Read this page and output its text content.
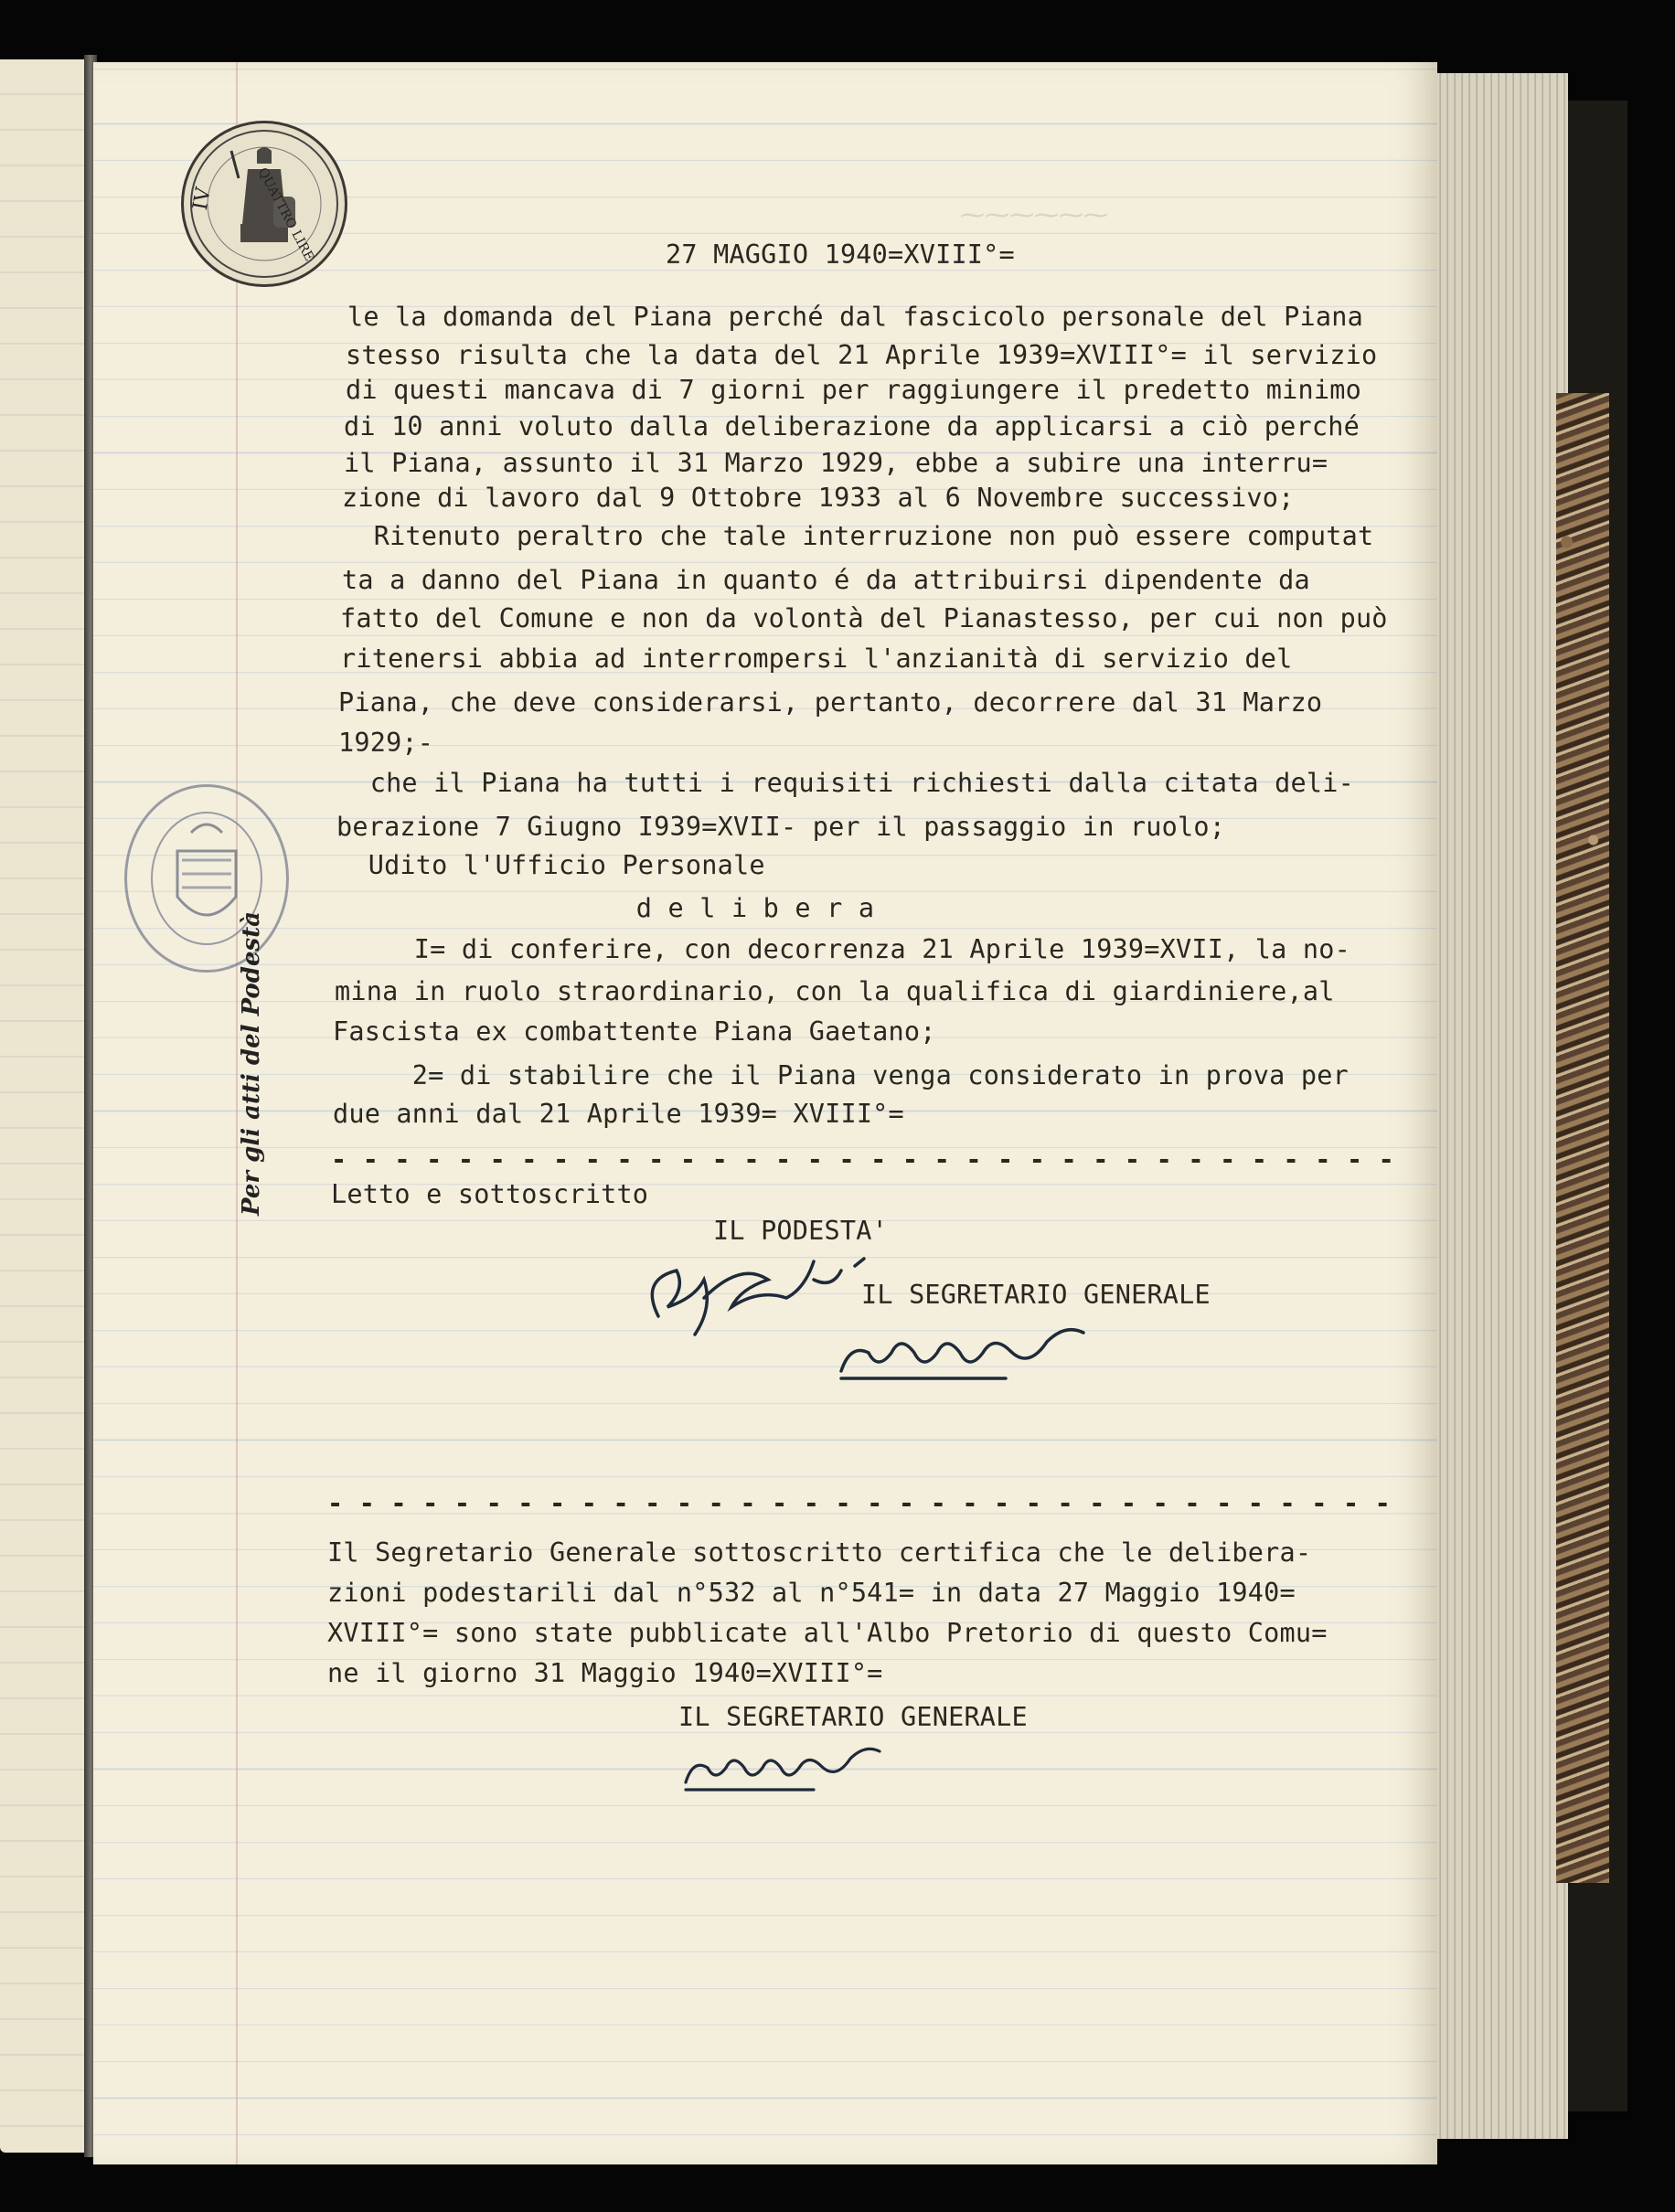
⁓⁓⁓⁓⁓⁓
IV	QUATTRO LIRE
Per gli atti del Podestà
27 MAGGIO 1940=XVIII°=
le la domanda del Piana perché dal fascicolo personale del Piana
stesso risulta che la data del 21 Aprile 1939=XVIII°= il servizio
di questi mancava di 7 giorni per raggiungere il predetto minimo
di 10 anni voluto dalla deliberazione da applicarsi a ciò perché
il Piana, assunto il 31 Marzo 1929, ebbe a subire una interru=
zione di lavoro dal 9 Ottobre 1933 al 6 Novembre successivo;
Ritenuto peraltro che tale interruzione non può essere computat
ta a danno del Piana in quanto é da attribuirsi dipendente da
fatto del Comune e non da volontà del Pianastesso, per cui non può
ritenersi abbia ad interrompersi l'anzianità di servizio del
Piana, che deve considerarsi, pertanto, decorrere dal 31 Marzo
1929;-
che il Piana ha tutti i requisiti richiesti dalla citata deli-
berazione 7 Giugno I939=XVII- per il passaggio in ruolo;
Udito l'Ufficio Personale
d e l i b e r a
I= di conferire, con decorrenza 21 Aprile 1939=XVII, la no-
mina in ruolo straordinario, con la qualifica di giardiniere,al
Fascista ex combattente Piana Gaetano;
2= di stabilire che il Piana venga considerato in prova per
due anni dal 21 Aprile 1939= XVIII°=
- - - - - - - - - - - - - - - - - - - - - - - - - - - - - - - - - -
Letto e sottoscritto
IL PODESTA'
IL SEGRETARIO GENERALE
- - - - - - - - - - - - - - - - - - - - - - - - - - - - - - - - - -
Il Segretario Generale sottoscritto certifica che le delibera-
zioni podestarili dal n°532 al n°541= in data 27 Maggio 1940=
XVIII°= sono state pubblicate all'Albo Pretorio di questo Comu=
ne il giorno 31 Maggio 1940=XVIII°=
IL SEGRETARIO GENERALE
